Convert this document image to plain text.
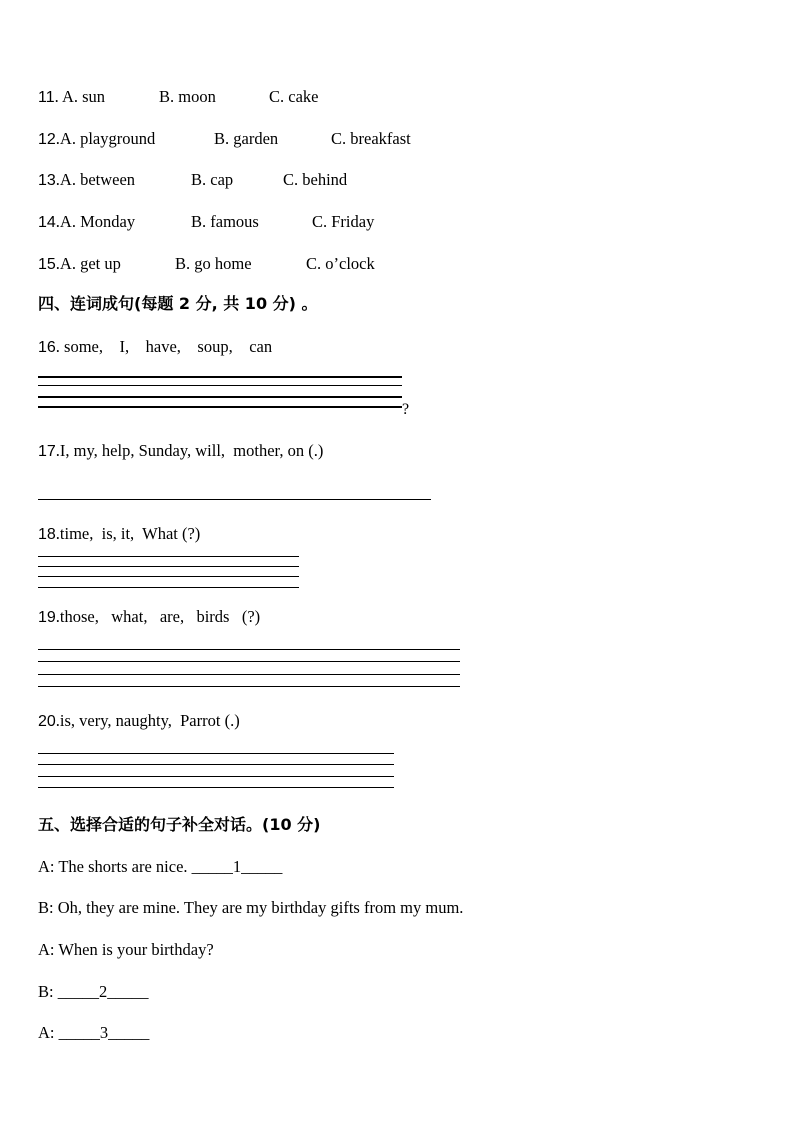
11. A. sun	B. moon	C. cake
12.A. playground	B. garden	C. breakfast
13.A. between	B. cap	C. behind
14.A. Monday	B. famous	C. Friday
15.A. get up	B. go home	C. o’clock
四、连词成句(每题 2 分, 共 10 分) 。
16. some,    I,    have,    soup,    can
?
17.I, my, help, Sunday, will,  mother, on (.)
18.time,  is, it,  What (?)
19.those,   what,   are,   birds   (?)
20.is, very, naughty,  Parrot (.)
五、选择合适的句子补全对话。(10 分)
A: The shorts are nice. _____1_____
B: Oh, they are mine. They are my birthday gifts from my mum.
A: When is your birthday?
B: _____2_____
A: _____3_____
